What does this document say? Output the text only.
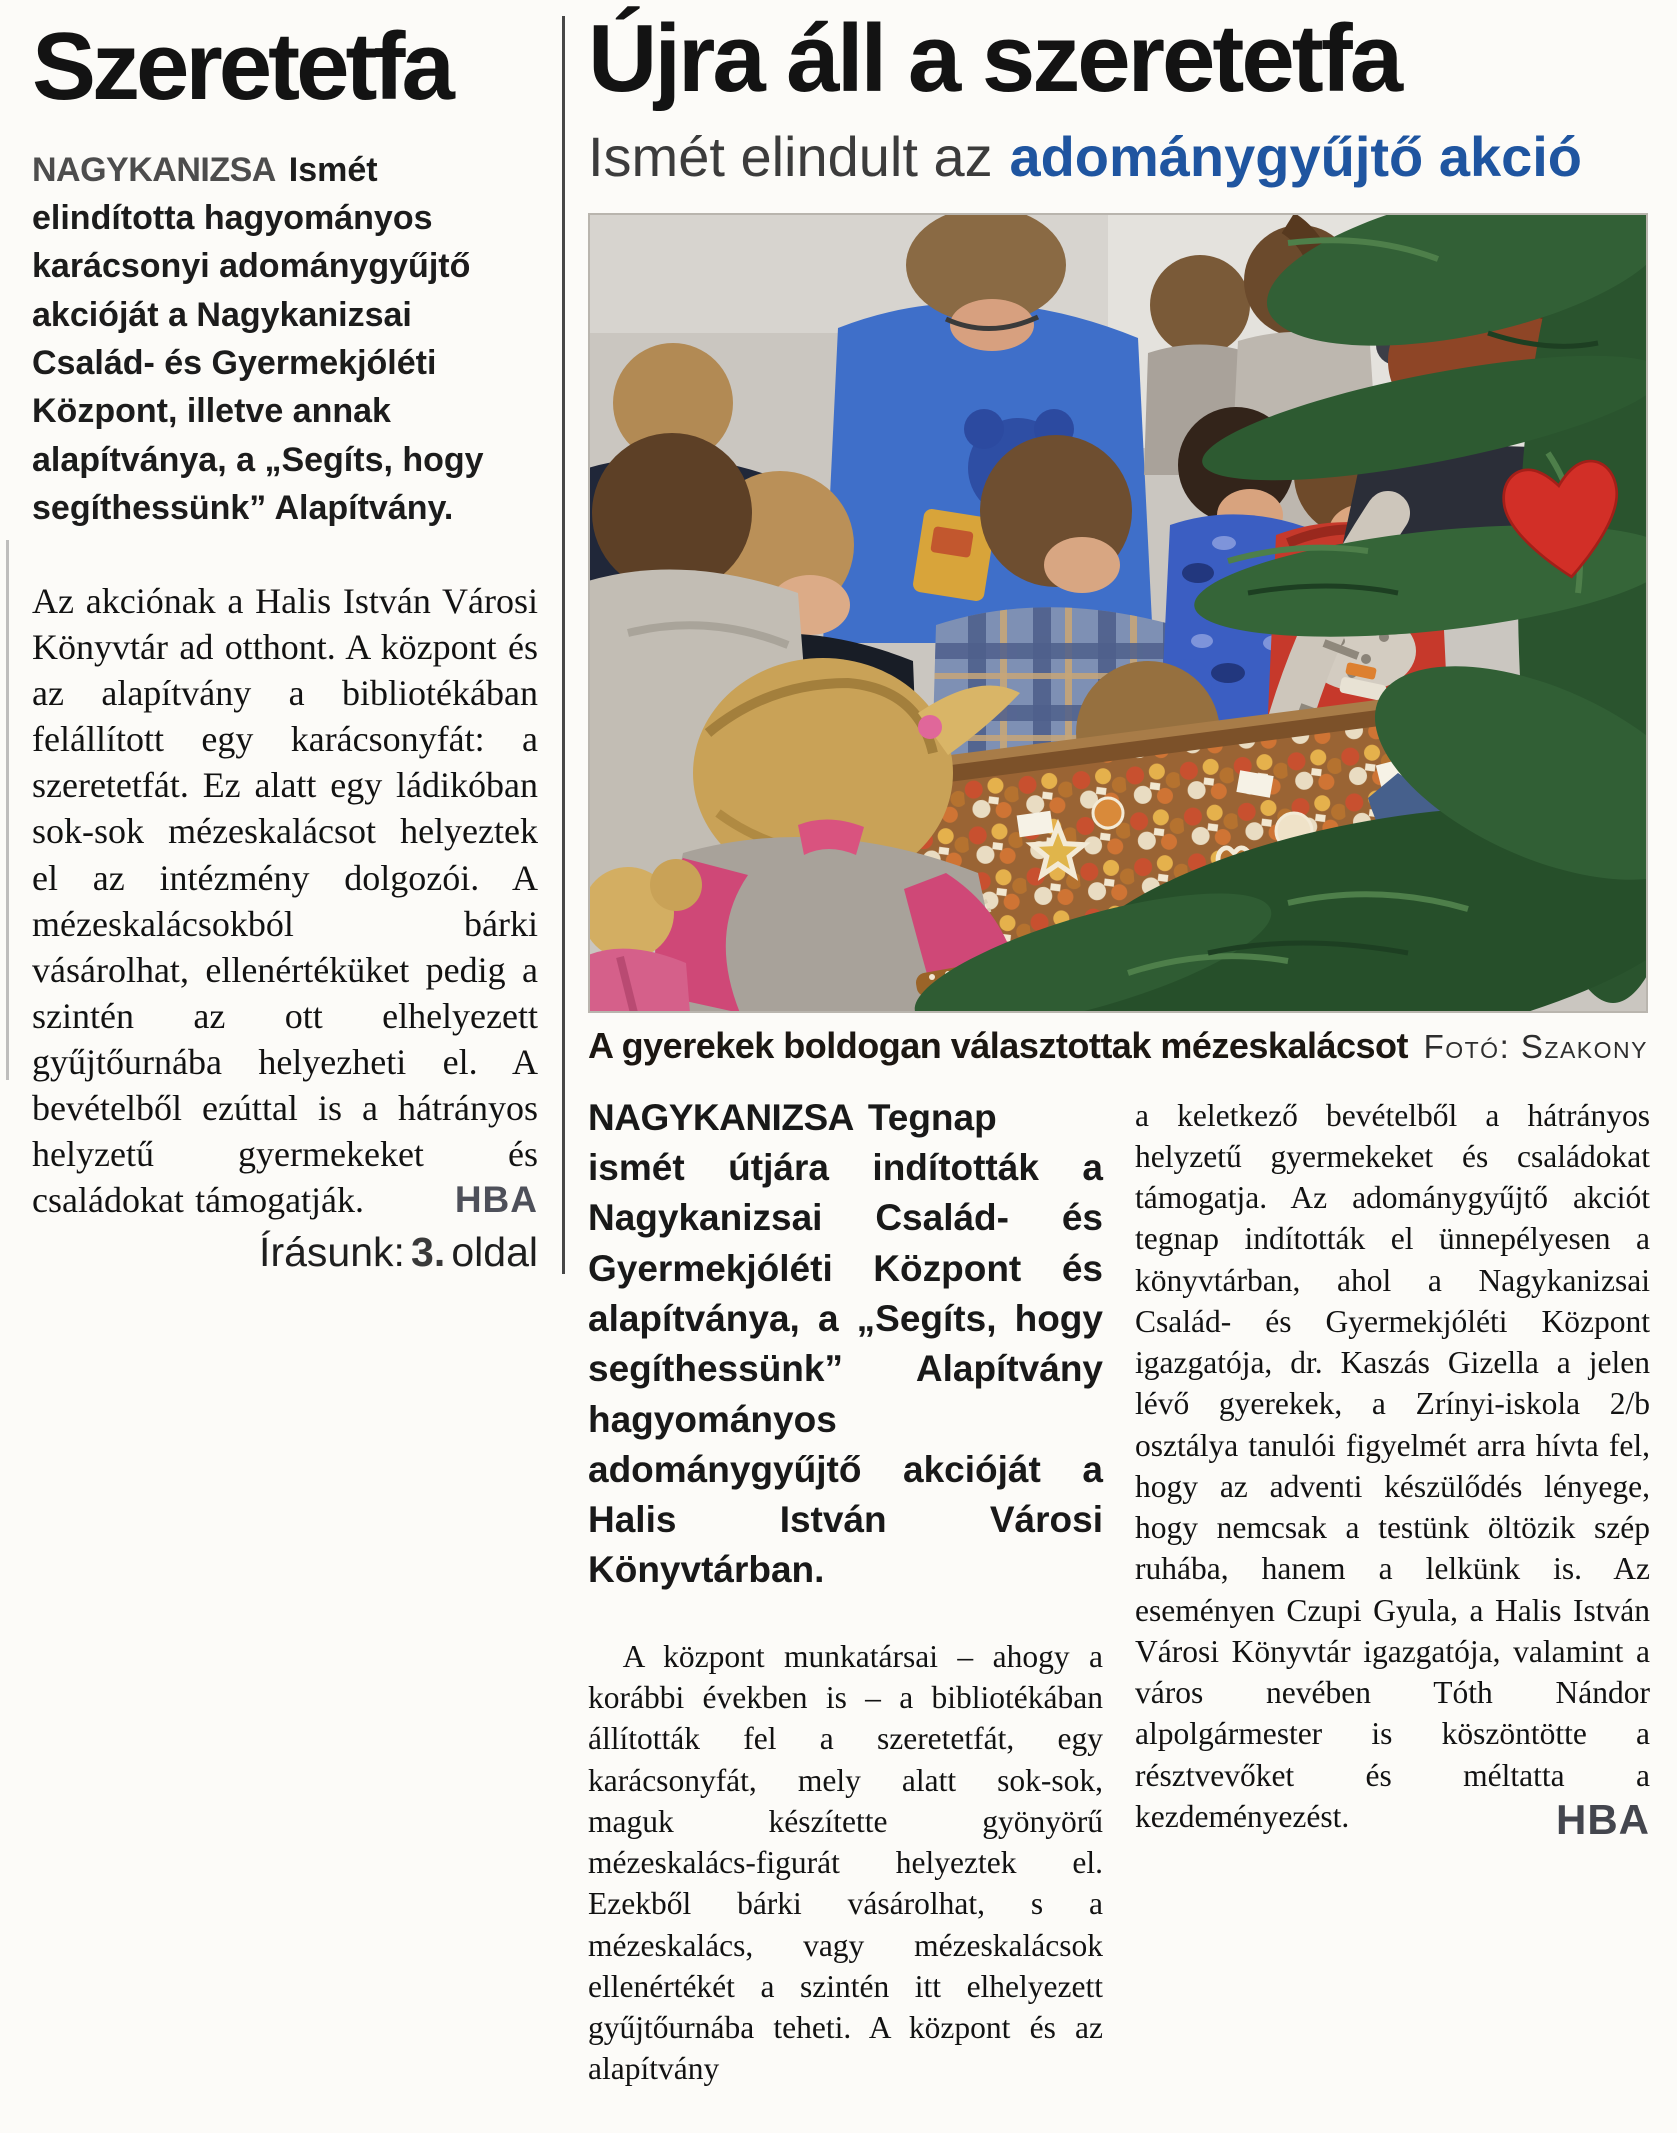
Szeretetfa

NAGYKANIZSA Ismét elindította hagyományos karácsonyi adománygyűjtő akcióját a Nagykanizsai Család- és Gyermekjóléti Központ, illetve annak alapítványa, a „Segíts, hogy segíthessünk” Alapítvány.

Az akciónak a Halis István Városi Könyvtár ad otthont. A központ és az alapítvány a bibliotékában felállított egy karácsonyfát: a szeretetfát. Ez alatt egy ládikóban sok-sok mézeskalácsot helyeztek el az intézmény dolgozói. A mézeskalácsokból bárki vásárolhat, ellenértéküket pedig a szintén az ott elhelyezett gyűjtőurnába helyezheti el. A bevételből ezúttal is a hátrányos helyzetű gyermekeket és családokat támogatják.	HBA
Írásunk: 3. oldal
Újra áll a szeretetfa

Ismét elindult az adománygyűjtő akció

A gyerekek boldogan választottak mézeskalácsot Fotó: Szakony

NAGYKANIZSA Tegnap ismét útjára indították a Nagykanizsai Család- és Gyermekjóléti Központ és alapítványa, a „Segíts, hogy segíthessünk” Alapítvány hagyományos adománygyűjtő akcióját a Halis István Városi Könyvtárban.

A központ munkatársai – ahogy a korábbi években is – a bibliotékában állították fel a szeretetfát, egy karácsonyfát, mely alatt sok-sok, maguk készítette gyönyörű mézeskalács-figurát helyeztek el. Ezekből bárki vásárolhat, s a mézeskalács, vagy mézeskalácsok ellenértékét a szintén itt elhelyezett gyűjtőurnába teheti. A központ és az alapítvány

a keletkező bevételből a hátrányos helyzetű gyermekeket és családokat támogatja. Az adománygyűjtő akciót tegnap indították el ünnepélyesen a könyvtárban, ahol a Nagykanizsai Család- és Gyermekjóléti Központ igazgatója, dr. Kaszás Gizella a jelen lévő gyerekek, a Zrínyi-iskola 2/b osztálya tanulói figyelmét arra hívta fel, hogy az adventi készülődés lényege, hogy nemcsak a testünk öltözik szép ruhába, hanem a lelkünk is. Az eseményen Czupi Gyula, a Halis István Városi Könyvtár igazgatója, valamint a város nevében Tóth Nándor alpolgármester is köszöntötte a résztvevőket és méltatta a kezdeményezést.	HBA
